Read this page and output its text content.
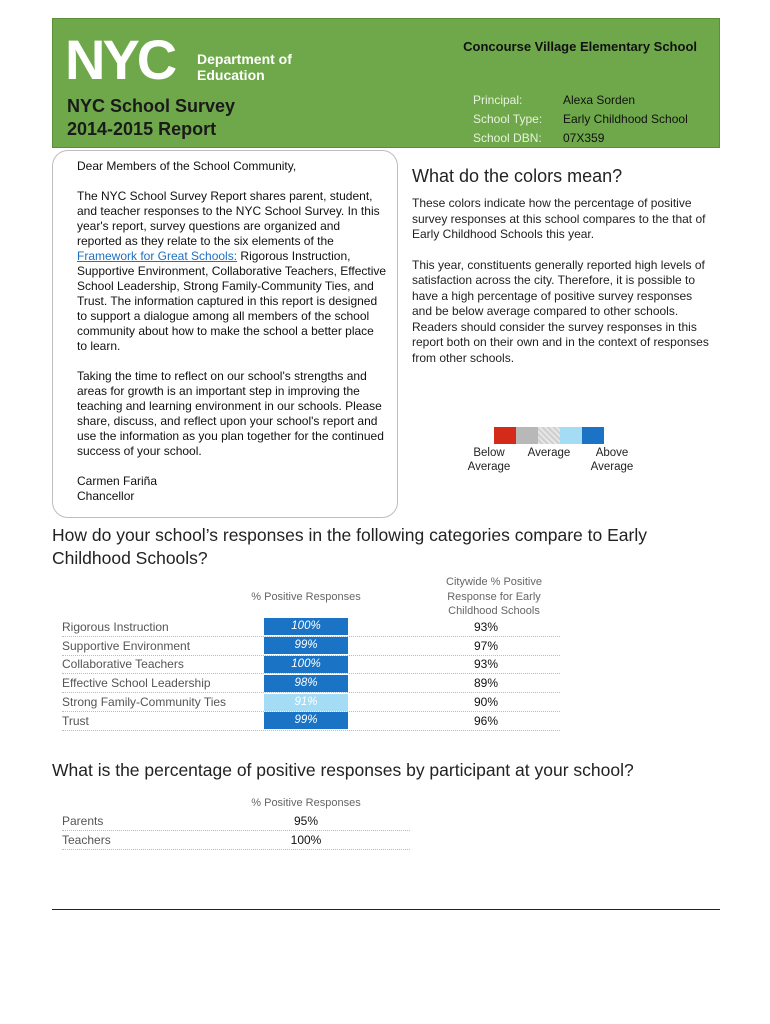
NYC Department of
Education
NYC School Survey
2014-2015 Report
Concourse Village Elementary School
Principal:	Alexa Sorden
School Type:	Early Childhood School
School DBN:	07X359

Dear Members of the School Community,

The NYC School Survey Report shares parent, student, and teacher responses to the NYC School Survey. In this year's report, survey questions are organized and reported as they relate to the six elements of the Framework for Great Schools: Rigorous Instruction, Supportive Environment, Collaborative Teachers, Effective School Leadership, Strong Family-Community Ties, and Trust. The information captured in this report is designed to support a dialogue among all members of the school community about how to make the school a better place to learn.

Taking the time to reflect on our school's strengths and areas for growth is an important step in improving the teaching and learning environment in our schools. Please share, discuss, and reflect upon your school's report and use the information as you plan together for the continued success of your school.

Carmen Fariña
Chancellor

What do the colors mean?

These colors indicate how the percentage of positive survey responses at this school compares to the that of Early Childhood Schools this year.

This year, constituents generally reported high levels of satisfaction across the city. Therefore, it is possible to have a high percentage of positive survey responses and be below average compared to other schools. Readers should consider the survey responses in this report both on their own and in the context of responses from other schools.

Below
Average
Average	Above
Average
How do your school’s responses in the following categories compare to Early Childhood Schools?
% Positive Responses
Citywide % Positive
Response for Early
Childhood Schools
Rigorous Instruction	100%	93%
Supportive Environment	99%	97%
Collaborative Teachers	100%	93%
Effective School Leadership	98%	89%
Strong Family-Community Ties	91%	90%
Trust	99%	96%
What is the percentage of positive responses by participant at your school?
% Positive Responses
Parents	95%
Teachers	100%
